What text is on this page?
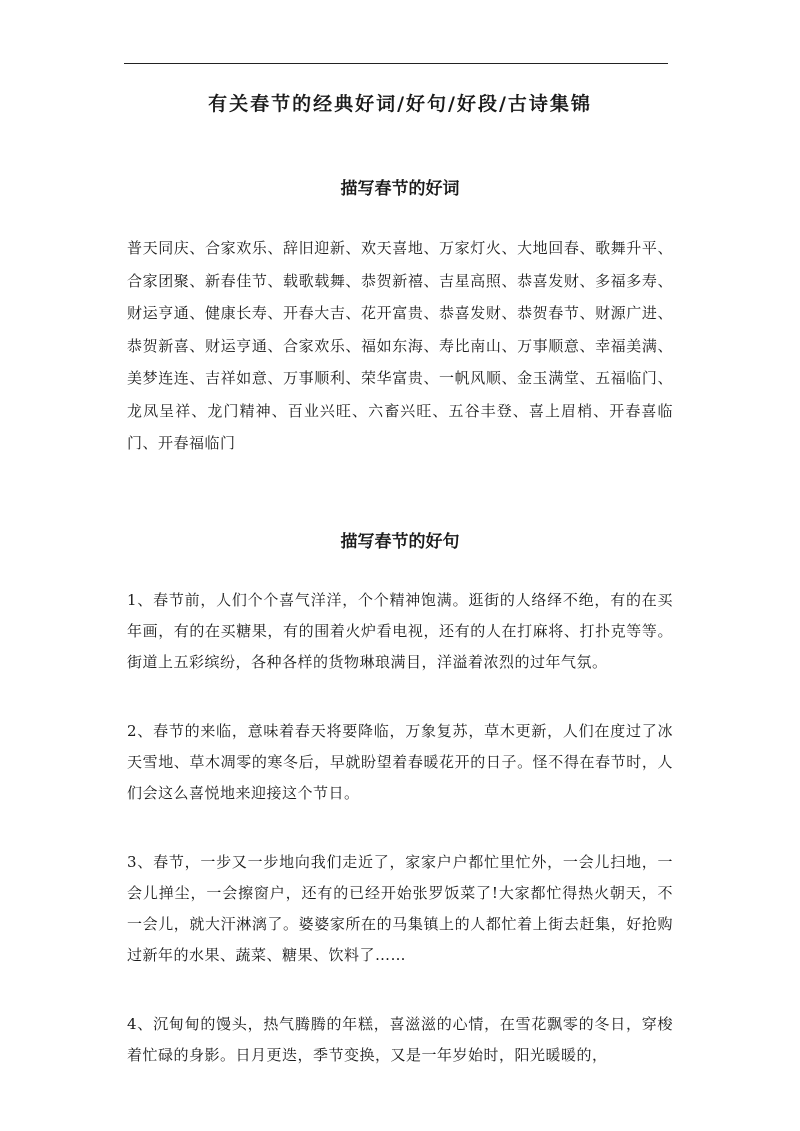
有关春节的经典好词/好句/好段/古诗集锦
描写春节的好词
普天同庆、合家欢乐、辞旧迎新、欢天喜地、万家灯火、大地回春、歌舞升平、合家团聚、新春佳节、载歌载舞、恭贺新禧、吉星高照、恭喜发财、多福多寿、财运亨通、健康长寿、开春大吉、花开富贵、恭喜发财、恭贺春节、财源广进、恭贺新喜、财运亨通、合家欢乐、福如东海、寿比南山、万事顺意、幸福美满、美梦连连、吉祥如意、万事顺利、荣华富贵、一帆风顺、金玉满堂、五福临门、龙凤呈祥、龙门精神、百业兴旺、六畜兴旺、五谷丰登、喜上眉梢、开春喜临门、开春福临门
描写春节的好句

1、春节前，人们个个喜气洋洋，个个精神饱满。逛街的人络绎不绝，有的在买年画，有的在买糖果，有的围着火炉看电视，还有的人在打麻将、打扑克等等。街道上五彩缤纷，各种各样的货物琳琅满目，洋溢着浓烈的过年气氛。

2、春节的来临，意味着春天将要降临，万象复苏，草木更新，人们在度过了冰天雪地、草木凋零的寒冬后，早就盼望着春暖花开的日子。怪不得在春节时，人们会这么喜悦地来迎接这个节日。

3、春节，一步又一步地向我们走近了，家家户户都忙里忙外，一会儿扫地，一会儿掸尘，一会擦窗户，还有的已经开始张罗饭菜了!大家都忙得热火朝天，不一会儿，就大汗淋漓了。婆婆家所在的马集镇上的人都忙着上街去赶集，好抢购过新年的水果、蔬菜、糖果、饮料了……

4、沉甸甸的馒头，热气腾腾的年糕，喜滋滋的心情，在雪花飘零的冬日，穿梭着忙碌的身影。日月更迭，季节变换，又是一年岁始时，阳光暖暖的，
